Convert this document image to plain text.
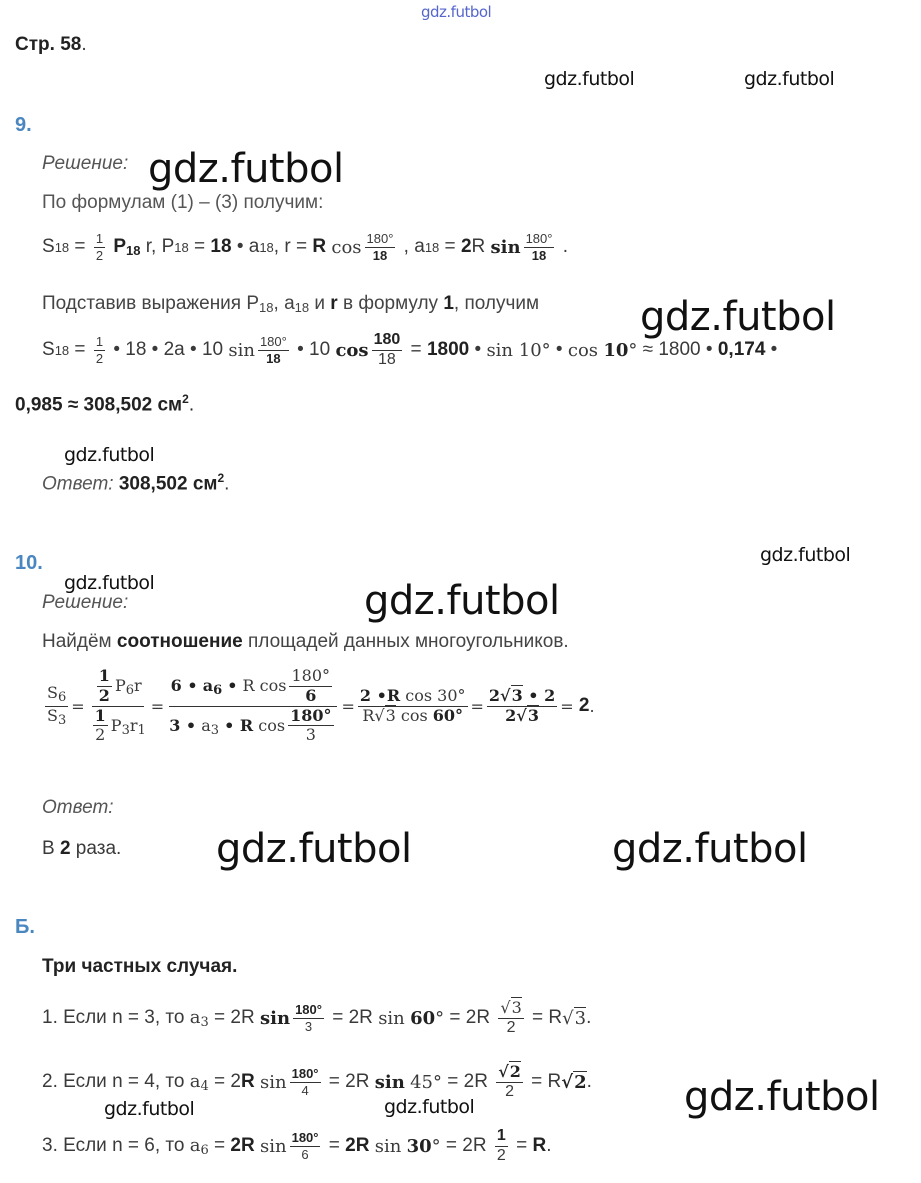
gdz.futbol
gdz.futbol	gdz.futbol
gdz.futbol
gdz.futbol
gdz.futbol
gdz.futbol
gdz.futbol	gdz.futbol
gdz.futbol	gdz.futbol
gdz.futbol
gdz.futbol	gdz.futbol
Стр. 58.
9.
Решение:
По формулам (1) – (3) получим:
S $18 = \frac{1}{2}$
$P_{18}$ r, P 18 = 18 • a 18 , r = R
$\cos \frac{180^\circ}{18}$ , a 18 = 2 R $\sin \frac{180^\circ}{18}$ .
Подставив выражения $P_{18}$, $a_{18}$ и r в формулу 1, получим
S $18 = \frac{1}{2}$ • 18 • 2a • 10 $\sin \frac{180^\circ}{18}$ • 10 $\cos \frac{180}{18} = 1800$ • sin 10° • cos
10 ° ≈ 1800 • 0,174 •
0,985 ≈ 308,502 $см^2$.
Ответ: 308,502 $см^2$.
10.
Решение:
Найдём соотношение площадей данных многоугольников.
$\frac{S_6}{S_3} = \frac{\frac{1}{2} P_6r}{\frac{1}{2} P_3r_1} = \frac{6 • a_6 • R \cos \frac{180^\circ}{6}}{3 • a_3 • R \cos \frac{180^\circ}{3}} = \frac{\text{2 •R cos 30°}}{R√3 \cos 60^\circ} = \frac{2√3 • 2}{2√3} = 2$ .
Ответ:
В 2 раза.
Б.
Три частных случая.
1. Если n = 3, то
$a_3 = 2R$ $\sin \frac{180^\circ}{3} = 2R$ sin
60 ° = $2R \frac{√3}{2} = R$ √3 .
2. Если n = 4, то
$a_4 = 2$ R
$\sin \frac{180^\circ}{4} = 2R$ sin
$45^\circ = 2R \frac{√2}{2} = R$ √2 .
3. Если n = 6, то
$a_6 = 2R$
$\sin \frac{180^\circ}{6} = 2R$
sin
30 ° = $2R \frac{1}{2} = R$ .
